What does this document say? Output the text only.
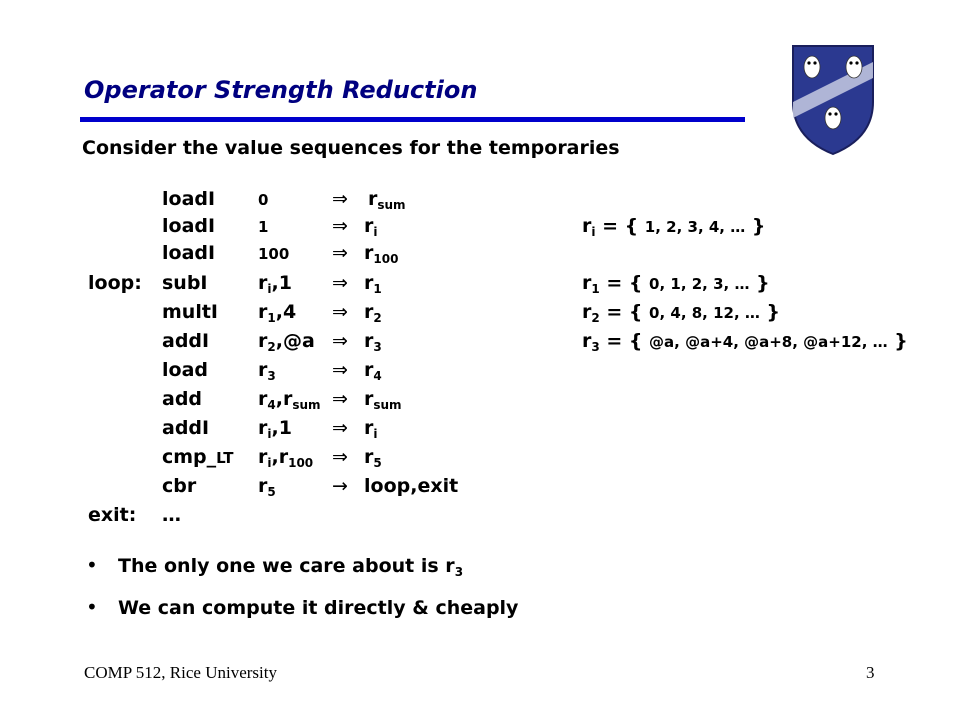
Operator Strength Reduction
Consider the value sequences for the temporaries
loadI	0	⇒ $r_{sum}$
loadI	1	⇒ $r_i$	$r_i$ = { 1, 2, 3, 4, … }
loadI	100 ⇒ $r_{100}$
loop: subI	$r_i,1$ ⇒ $r_1$	$r_1$ = { 0, 1, 2, 3, … }
multI $r_1,4$ ⇒ $r_2$	$r_2$ = { 0, 4, 8, 12, … }
addI	$r_2,@a$ ⇒ $r_3$	$r_3$ = { @a, @a+4, @a+8, @a+12, … }
load	$r_3$	⇒ $r_4$
add	$r_4,r_{sum}$ ⇒ $r_{sum}$
addI	$r_i,1$ ⇒ $r_i$
cmp_LT $r_i,r_{100}$ ⇒ $r_5$
cbr	$r_5$	→ loop,exit
exit: …
• The only one we care about is $r_3$
• We can compute it directly & cheaply
COMP 512, Rice University	3
